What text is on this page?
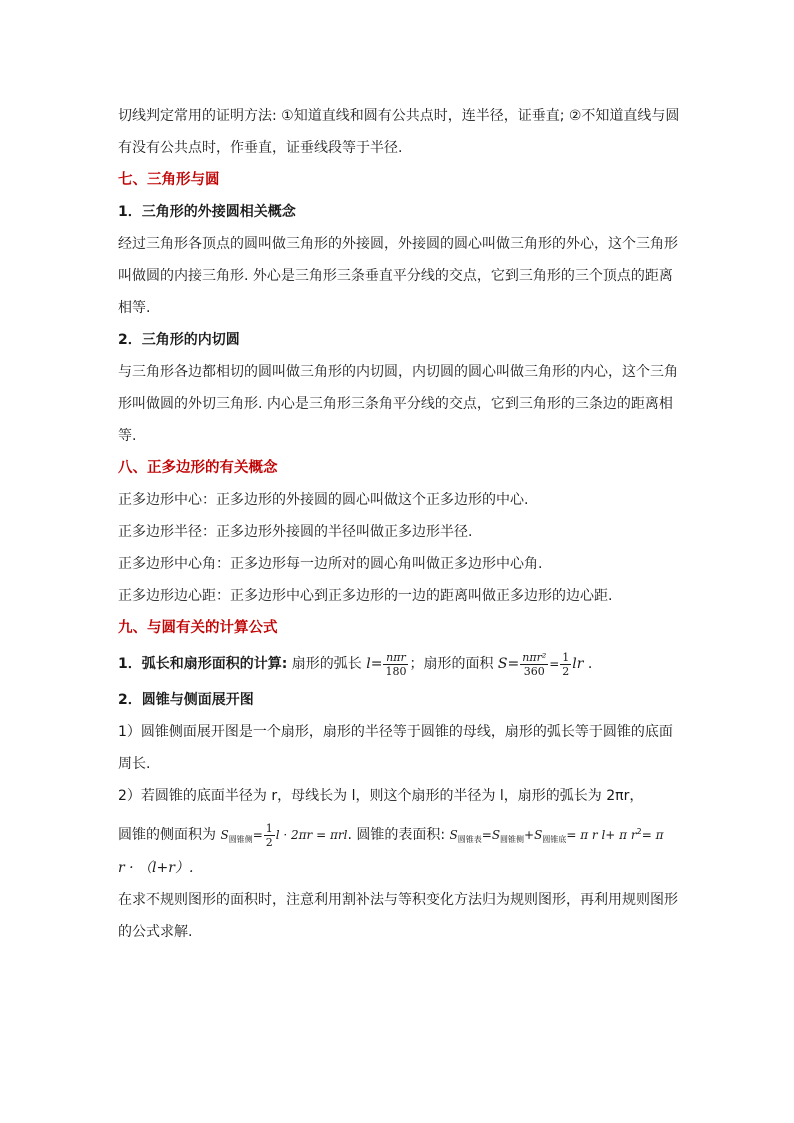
切线判定常用的证明方法: ①知道直线和圆有公共点时，连半径，证垂直; ②不知道直线与圆
有没有公共点时，作垂直，证垂线段等于半径.
七、三角形与圆
1．三角形的外接圆相关概念
经过三角形各顶点的圆叫做三角形的外接圆，外接圆的圆心叫做三角形的外心，这个三角形
叫做圆的内接三角形. 外心是三角形三条垂直平分线的交点，它到三角形的三个顶点的距离
相等.
2．三角形的内切圆
与三角形各边都相切的圆叫做三角形的内切圆，内切圆的圆心叫做三角形的内心，这个三角
形叫做圆的外切三角形. 内心是三角形三条角平分线的交点，它到三角形的三条边的距离相
等.
八、正多边形的有关概念
正多边形中心：正多边形的外接圆的圆心叫做这个正多边形的中心.
正多边形半径：正多边形外接圆的半径叫做正多边形半径.
正多边形中心角：正多边形每一边所对的圆心角叫做正多边形中心角.
正多边形边心距：正多边形中心到正多边形的一边的距离叫做正多边形的边心距.
九、与圆有关的计算公式
1．弧长和扇形面积的计算: 扇形的弧长 $l= \frac{\text{nπr}}{180}$ ；扇形的面积 $S= \frac{\text{nπr²}}{360} = \frac{1}{2}$ lr .
2．圆锥与侧面展开图
1）圆锥侧面展开图是一个扇形，扇形的半径等于圆锥的母线，扇形的弧长等于圆锥的底面
周长.
2）若圆锥的底面半径为 r，母线长为 l，则这个扇形的半径为 l，扇形的弧长为 2πr，
圆锥的侧面积为 $S_{圆锥侧}= \frac{1}{2}$ l · 2πr = πrl. 圆锥的表面积: $S_{圆锥表}=S_{圆锥侧}+S_{圆锥底}= \pi$ r l+ π $r^2= \pi$
r · （l+r）.
在求不规则图形的面积时，注意利用割补法与等积变化方法归为规则图形，再利用规则图形
的公式求解.
